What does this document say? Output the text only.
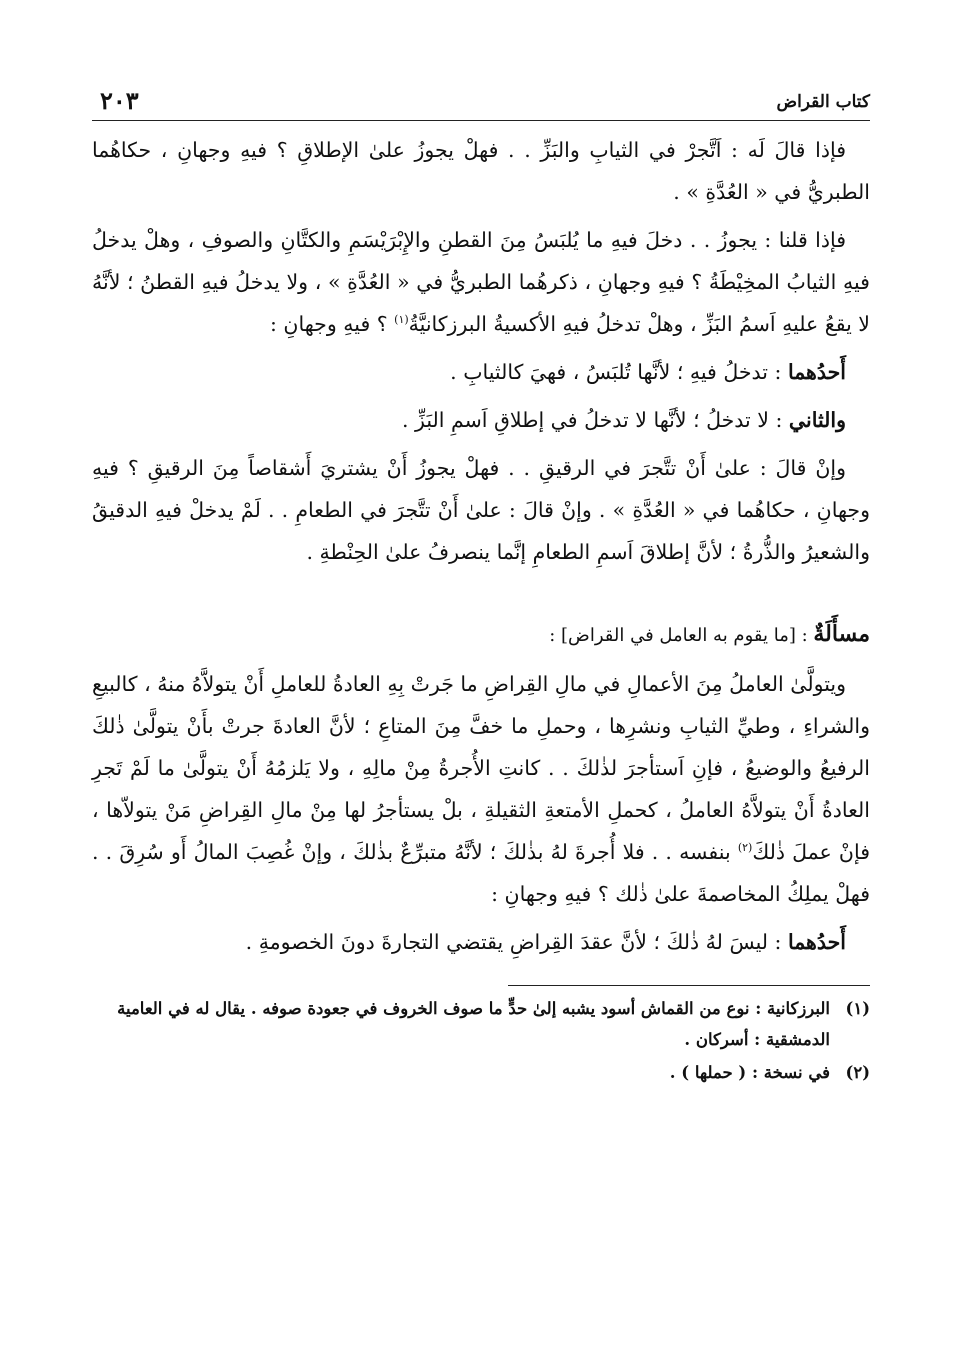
كتاب القراض
٢٠٣

فإذا قالَ لَه : اَتَّجرْ في الثيابِ والبَزِّ . . فهلْ يجوزُ علىٰ الإطلاقِ ؟ فيهِ وجهانِ ، حكاهُما الطبريُّ في « العُدَّةِ » .

فإذا قلنا : يجوزُ . . دخلَ فيهِ ما يُلبَسُ مِنَ القطنِ والإِبْرَيْسَمِ والكتَّانِ والصوفِ ، وهلْ يدخلُ فيهِ الثيابُ المخِيْطَةُ ؟ فيهِ وجهانِ ، ذكرهُما الطبريُّ في « العُدَّةِ » ، ولا يدخلُ فيهِ القطنُ ؛ لأنَّهُ لا يقعُ عليهِ اَسمُ البَزِّ ، وهلْ تدخلُ فيهِ الأكسيةُ البرزكانيَّةُ$^{(١)}$ ؟ فيهِ وجهانِ :

أَحدُهما : تدخلُ فيهِ ؛ لأنَّها تُلبَسُ ، فهيَ كالثيابِ .

والثاني : لا تدخلُ ؛ لأنَّها لا تدخلُ في إطلاقِ اَسمِ البَزِّ .

وإنْ قالَ : علىٰ أَنْ تتَّجرَ في الرقيقِ . . فهلْ يجوزُ أَنْ يشتريَ أَشقاصاً مِنَ الرقيقِ ؟ فيهِ وجهانِ ، حكاهُما في « العُدَّةِ » . وإنْ قالَ : علىٰ أَنْ تتَّجرَ في الطعامِ . . لَمْ يدخلْ فيهِ الدقيقُ والشعيرُ والذُّرةُ ؛ لأنَّ إطلاقَ اَسمِ الطعامِ إنَّما ينصرفُ علىٰ الحِنْطةِ .

مسأَلَةٌ : [ما يقوم به العامل في القراض] :

ويتولَّىٰ العاملُ مِنَ الأعمالِ في مالِ القِراضِ ما جَرتْ بِهِ العادةُ للعاملِ أَنْ يتولاَّهُ منهُ ، كالبيعِ والشراءِ ، وطيِّ الثيابِ ونشرِها ، وحملِ ما خفَّ مِنَ المتاعِ ؛ لأنَّ العادةَ جرتْ بأَنْ يتولَّىٰ ذٰلكَ الرفيعُ والوضيعُ ، فإنِ اَستأجرَ لذٰلكَ . . كانتِ الأُجرةُ مِنْ مالِهِ ، ولا يَلزمُهُ أَنْ يتولَّىٰ ما لَمْ تَجرِ العادةُ أَنْ يتولاَّهُ العاملُ ، كحملِ الأمتعةِ الثقيلةِ ، بلْ يستأجرُ لها مِنْ مالِ القِراضِ مَنْ يتولاّها ، فإنْ عملَ ذٰلكَ$^{(٢)}$ بنفسه . . فلا أُجرةَ لهُ بذٰلكَ ؛ لأنَّهُ متبرِّعٌ بذٰلكَ ، وإنْ غُصِبَ المالُ أَو سُرِقَ . . فهلْ يملِكُ المخاصمةَ علىٰ ذٰلك ؟ فيهِ وجهانِ :

أَحدُهما : ليسَ لهُ ذٰلكَ ؛ لأنَّ عقدَ القِراضِ يقتضي التجارةَ دونَ الخصومةِ .

(١)
البرزكانية : نوع من القماش أسود يشبه إلىٰ حدٍّ ما صوف الخروف في جعودة صوفه . يقال له في العامية الدمشقية : أسركان .
(٢)
في نسخة : ( حملها ) .
